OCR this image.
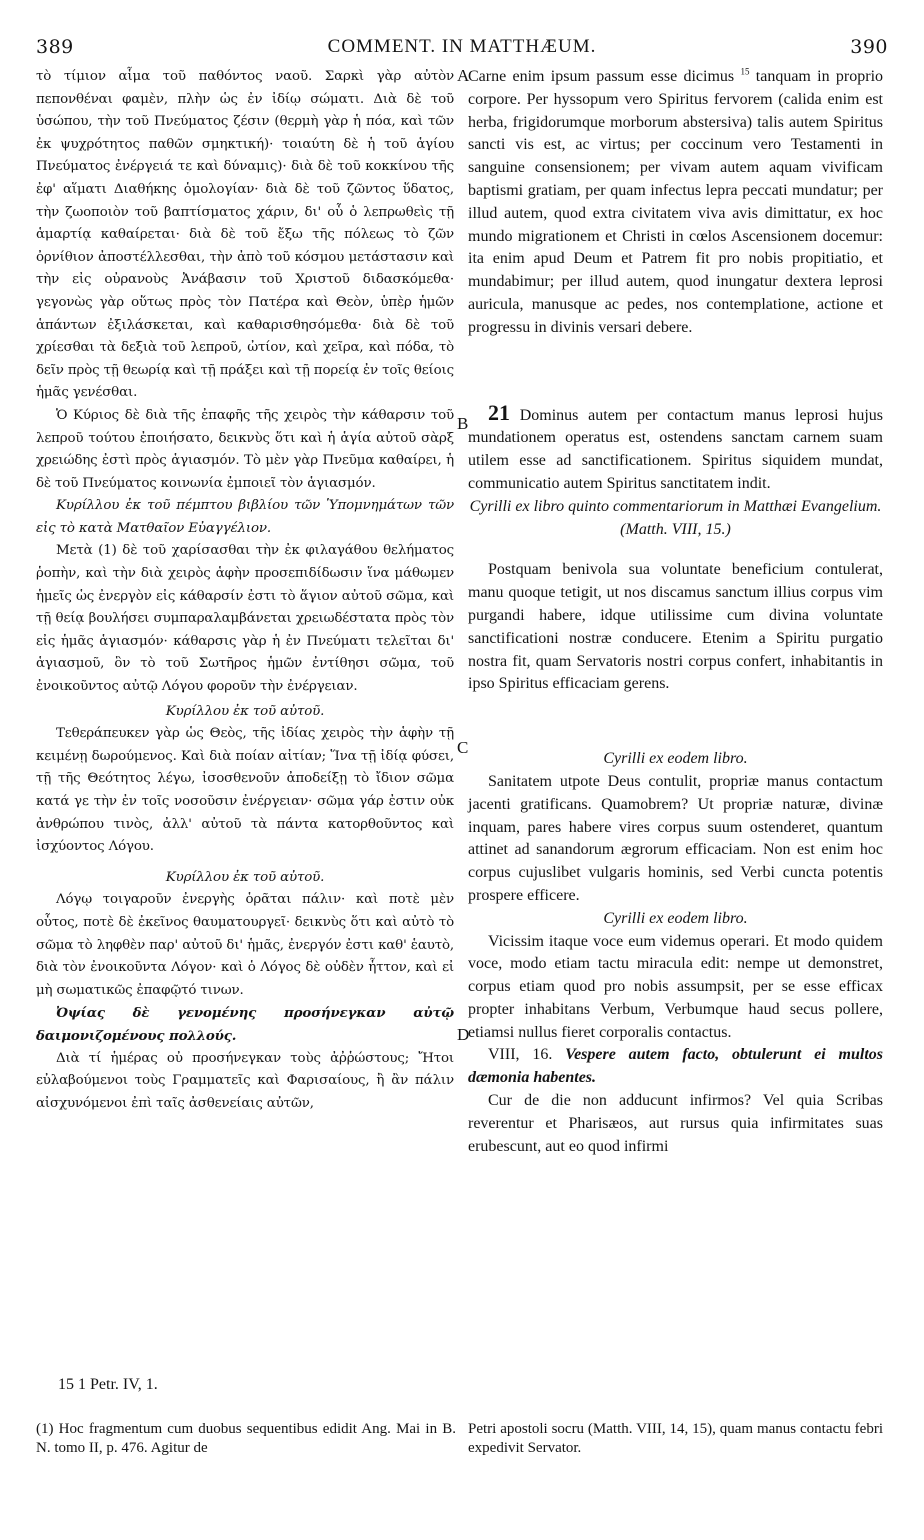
COMMENT. IN MATTHÆUM.
389	390
A
B
C
D

τὸ τίμιον αἷμα τοῦ παθόντος ναοῦ. Σαρκὶ γὰρ αὐτὸν πεπονθέναι φαμὲν, πλὴν ὡς ἐν ἰδίῳ σώματι. Διὰ δὲ τοῦ ὑσώπου, τὴν τοῦ Πνεύματος ζέσιν (θερμὴ γὰρ ἡ πόα, καὶ τῶν ἐκ ψυχρότητος παθῶν σμηκτική)· τοιαύτη δὲ ἡ τοῦ ἁγίου Πνεύματος ἐνέργειά τε καὶ δύναμις)· διὰ δὲ τοῦ κοκκίνου τῆς ἐφ' αἵματι Διαθήκης ὁμολογίαν· διὰ δὲ τοῦ ζῶντος ὕδατος, τὴν ζωοποιὸν τοῦ βαπτίσματος χάριν, δι' οὗ ὁ λεπρωθεὶς τῇ ἁμαρτίᾳ καθαίρεται· διὰ δὲ τοῦ ἔξω τῆς πόλεως τὸ ζῶν ὀρνίθιον ἀποστέλλεσθαι, τὴν ἀπὸ τοῦ κόσμου μετάστασιν καὶ τὴν εἰς οὐρανοὺς Ἀνάβασιν τοῦ Χριστοῦ διδασκόμεθα· γεγονὼς γὰρ οὕτως πρὸς τὸν Πατέρα καὶ Θεὸν, ὑπὲρ ἡμῶν ἁπάντων ἐξιλάσκεται, καὶ καθαρισθησόμεθα· διὰ δὲ τοῦ χρίεσθαι τὰ δεξιὰ τοῦ λεπροῦ, ὠτίον, καὶ χεῖρα, καὶ πόδα, τὸ δεῖν πρὸς τῇ θεωρίᾳ καὶ τῇ πράξει καὶ τῇ πορείᾳ ἐν τοῖς θείοις ἡμᾶς γενέσθαι.

Ὁ Κύριος δὲ διὰ τῆς ἐπαφῆς τῆς χειρὸς τὴν κάθαρσιν τοῦ λεπροῦ τούτου ἐποιήσατο, δεικνὺς ὅτι καὶ ἡ ἁγία αὐτοῦ σὰρξ χρειώδης ἐστὶ πρὸς ἁγιασμόν. Τὸ μὲν γὰρ Πνεῦμα καθαίρει, ἡ δὲ τοῦ Πνεύματος κοινωνία ἐμποιεῖ τὸν ἁγιασμόν.

Κυρίλλου ἐκ τοῦ πέμπτου βιβλίου τῶν Ὑπομνημάτων τῶν εἰς τὸ κατὰ Ματθαῖον Εὐαγγέλιον.

Μετὰ (1) δὲ τοῦ χαρίσασθαι τὴν ἐκ φιλαγάθου θελήματος ῥοπὴν, καὶ τὴν διὰ χειρὸς ἁφὴν προσεπιδίδωσιν ἵνα μάθωμεν ἡμεῖς ὡς ἐνεργὸν εἰς κάθαρσίν ἐστι τὸ ἅγιον αὐτοῦ σῶμα, καὶ τῇ θείᾳ βουλήσει συμπαραλαμβάνεται χρειωδέστατα πρὸς τὸν εἰς ἡμᾶς ἁγιασμόν· κάθαρσις γὰρ ἡ ἐν Πνεύματι τελεῖται δι' ἁγιασμοῦ, ὃν τὸ τοῦ Σωτῆρος ἡμῶν ἐντίθησι σῶμα, τοῦ ἐνοικοῦντος αὐτῷ Λόγου φοροῦν τὴν ἐνέργειαν.

Κυρίλλου ἐκ τοῦ αὐτοῦ.

Τεθεράπευκεν γὰρ ὡς Θεὸς, τῆς ἰδίας χειρὸς τὴν ἁφὴν τῇ κειμένῃ δωρούμενος. Καὶ διὰ ποίαν αἰτίαν; Ἵνα τῇ ἰδίᾳ φύσει, τῇ τῆς Θεότητος λέγω, ἰσοσθενοῦν ἀποδείξῃ τὸ ἴδιον σῶμα κατά γε τὴν ἐν τοῖς νοσοῦσιν ἐνέργειαν· σῶμα γάρ ἐστιν οὐκ ἀνθρώπου τινὸς, ἀλλ' αὐτοῦ τὰ πάντα κατορθοῦντος καὶ ἰσχύοντος Λόγου.

Κυρίλλου ἐκ τοῦ αὐτοῦ.

Λόγῳ τοιγαροῦν ἐνεργὴς ὁρᾶται πάλιν· καὶ ποτὲ μὲν οὗτος, ποτὲ δὲ ἐκεῖνος θαυματουργεῖ· δεικνὺς ὅτι καὶ αὐτὸ τὸ σῶμα τὸ ληφθὲν παρ' αὐτοῦ δι' ἡμᾶς, ἐνεργόν ἐστι καθ' ἑαυτὸ, διὰ τὸν ἐνοικοῦντα Λόγον· καὶ ὁ Λόγος δὲ οὐδὲν ἧττον, καὶ εἰ μὴ σωματικῶς ἐπαφῷτό τινων.

Ὀψίας δὲ γενομένης προσήνεγκαν αὐτῷ δαιμονιζομένους πολλούς.

Διὰ τί ἡμέρας οὐ προσήνεγκαν τοὺς ἀῤῥώστους; Ἤτοι εὐλαβούμενοι τοὺς Γραμματεῖς καὶ Φαρισαίους, ἢ ἂν πάλιν αἰσχυνόμενοι ἐπὶ ταῖς ἀσθενείαις αὐτῶν,

Carne enim ipsum passum esse dicimus $^{15}$ tanquam in proprio corpore. Per hyssopum vero Spiritus fervorem (calida enim est herba, frigidorumque morborum abstersiva) talis autem Spiritus sancti vis est, ac virtus; per coccinum vero Testamenti in sanguine consensionem; per vivam autem aquam vivificam baptismi gratiam, per quam infectus lepra peccati mundatur; per illud autem, quod extra civitatem viva avis dimittatur, ex hoc mundo migrationem et Christi in cœlos Ascensionem docemur: ita enim apud Deum et Patrem fit pro nobis propitiatio, et mundabimur; per illud autem, quod inungatur dextera leprosi auricula, manusque ac pedes, nos contemplatione, actione et progressu in divinis versari debere.

21 Dominus autem per contactum manus leprosi hujus mundationem operatus est, ostendens sanctam carnem suam utilem esse ad sanctificationem. Spiritus siquidem mundat, communicatio autem Spiritus sanctitatem indit.

Cyrilli ex libro quinto commentariorum in Matthæi Evangelium. (Matth. VIII, 15.)

Postquam benivola sua voluntate beneficium contulerat, manu quoque tetigit, ut nos discamus sanctum illius corpus vim purgandi habere, idque utilissime cum divina voluntate sanctificationi nostræ conducere. Etenim a Spiritu purgatio nostra fit, quam Servatoris nostri corpus confert, inhabitantis in ipso Spiritus efficaciam gerens.

Cyrilli ex eodem libro.

Sanitatem utpote Deus contulit, propriæ manus contactum jacenti gratificans. Quamobrem? Ut propriæ naturæ, divinæ inquam, pares habere vires corpus suum ostenderet, quantum attinet ad sanandorum ægrorum efficaciam. Non est enim hoc corpus cujuslibet vulgaris hominis, sed Verbi cuncta potentis prospere efficere.

Cyrilli ex eodem libro.

Vicissim itaque voce eum videmus operari. Et modo quidem voce, modo etiam tactu miracula edit: nempe ut demonstret, corpus etiam quod pro nobis assumpsit, per se esse efficax propter inhabitans Verbum, Verbumque haud secus pollere, etiamsi nullus fieret corporalis contactus.

VIII, 16. Vespere autem facto, obtulerunt ei multos dæmonia habentes.

Cur de die non adducunt infirmos? Vel quia Scribas reverentur et Pharisæos, aut rursus quia infirmitates suas erubescunt, aut eo quod infirmi

15 1 Petr. IV, 1.
(1) Hoc fragmentum cum duobus sequentibus edidit Ang. Mai in B. N. tomo II, p. 476. Agitur de
Petri apostoli socru (Matth. VIII, 14, 15), quam manus contactu febri expedivit Servator.
